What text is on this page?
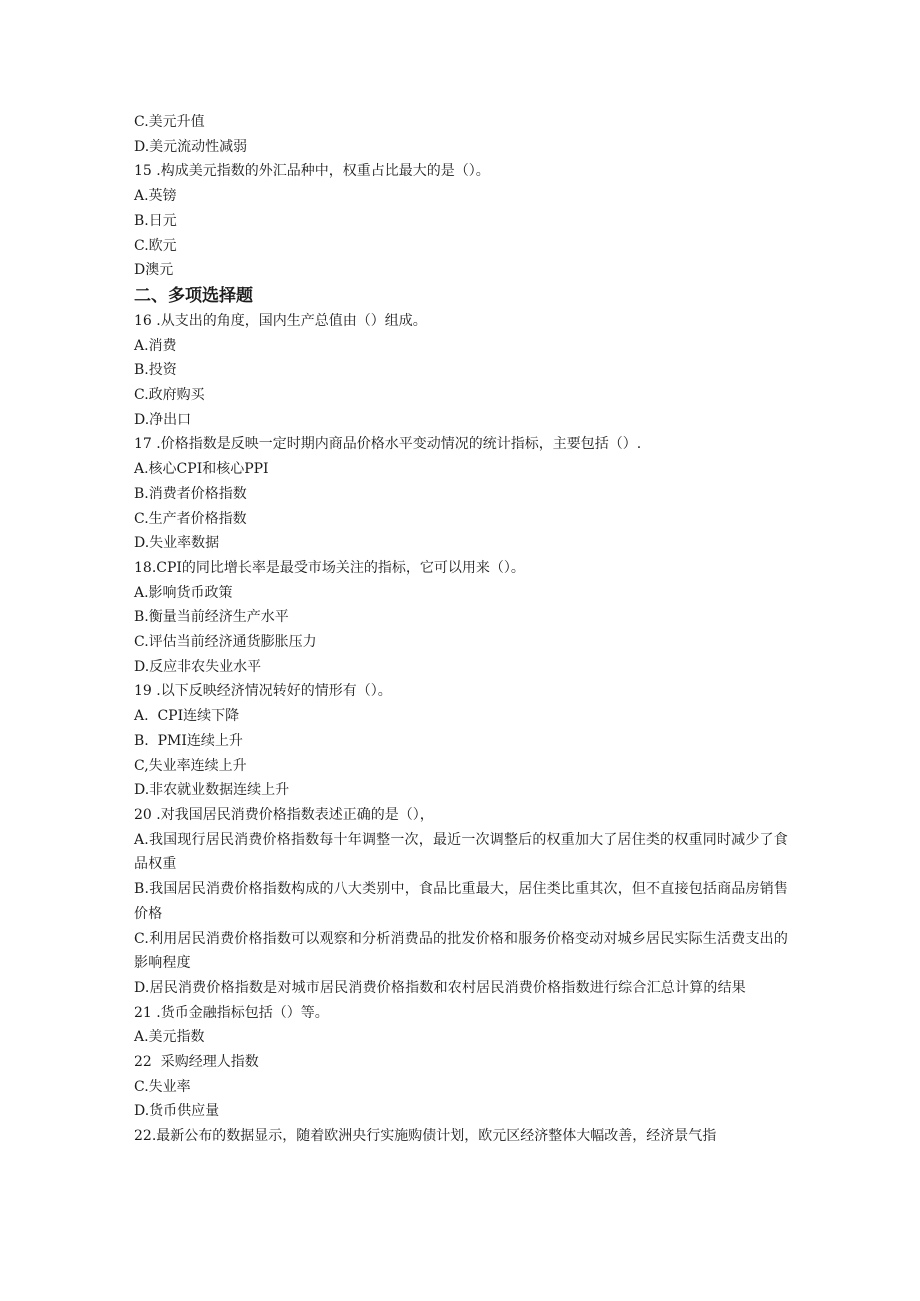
C.美元升值

D.美元流动性减弱

15 .构成美元指数的外汇品种中，权重占比最大的是（）。

A.英镑

B.日元

C.欧元

D澳元

二、多项选择题

16 .从支出的角度，国内生产总值由（）组成。

A.消费

B.投资

C.政府购买

D.净出口

17 .价格指数是反映一定时期内商品价格水平变动情况的统计指标，主要包括（）.

A.核心CPI和核心PPI

B.消费者价格指数

C.生产者价格指数

D.失业率数据

18.CPI的同比增长率是最受市场关注的指标，它可以用来（）。

A.影响货币政策

B.衡量当前经济生产水平

C.评估当前经济通货膨胀压力

D.反应非农失业水平

19 .以下反映经济情况转好的情形有（）。

A.  CPI连续下降

B.  PMI连续上升

C,失业率连续上升

D.非农就业数据连续上升

20 .对我国居民消费价格指数表述正确的是（），

A.我国现行居民消费价格指数每十年调整一次，最近一次调整后的权重加大了居住类的权重同时减少了食品权重

B.我国居民消费价格指数构成的八大类别中，食品比重最大，居住类比重其次，但不直接包括商品房销售价格

C.利用居民消费价格指数可以观察和分析消费品的批发价格和服务价格变动对城乡居民实际生活费支出的影响程度

D.居民消费价格指数是对城市居民消费价格指数和农村居民消费价格指数进行综合汇总计算的结果

21 .货币金融指标包括（）等。

A.美元指数

22  采购经理人指数

C.失业率

D.货币供应量

22.最新公布的数据显示，随着欧洲央行实施购债计划，欧元区经济整体大幅改善，经济景气指
